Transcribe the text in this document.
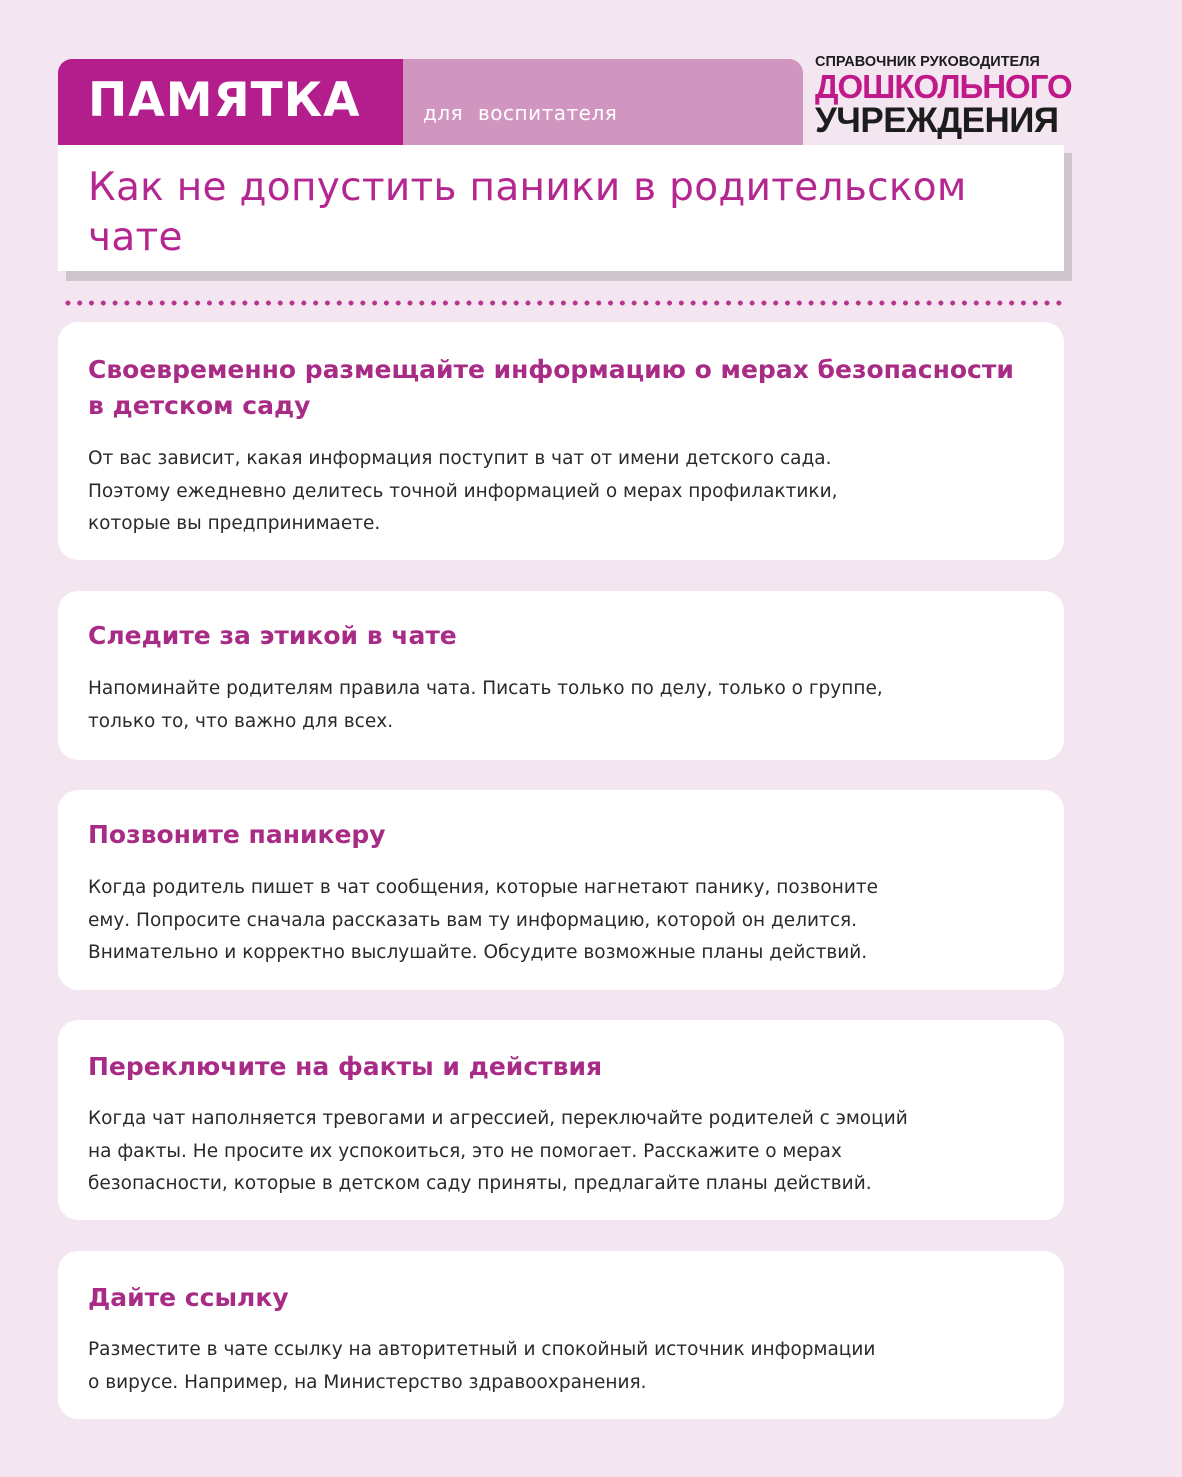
ПАМЯТКА	для воспитателя
СПРАВОЧНИК РУКОВОДИТЕЛЯ
ДОШКОЛЬНОГО
УЧРЕЖДЕНИЯ
Как не допустить паники в родительском чате
Своевременно размещайте информацию о мерах безопасности в детском саду
От вас зависит, какая информация поступит в чат от имени детского сада.
Поэтому ежедневно делитесь точной информацией о мерах профилактики,
которые вы предпринимаете.
Следите за этикой в чате
Напоминайте родителям правила чата. Писать только по делу, только о группе,
только то, что важно для всех.
Позвоните паникеру
Когда родитель пишет в чат сообщения, которые нагнетают панику, позвоните
ему. Попросите сначала рассказать вам ту информацию, которой он делится.
Внимательно и корректно выслушайте. Обсудите возможные планы действий.
Переключите на факты и действия
Когда чат наполняется тревогами и агрессией, переключайте родителей с эмоций
на факты. Не просите их успокоиться, это не помогает. Расскажите о мерах
безопасности, которые в детском саду приняты, предлагайте планы действий.
Дайте ссылку
Разместите в чате ссылку на авторитетный и спокойный источник информации
о вирусе. Например, на Министерство здравоохранения.
